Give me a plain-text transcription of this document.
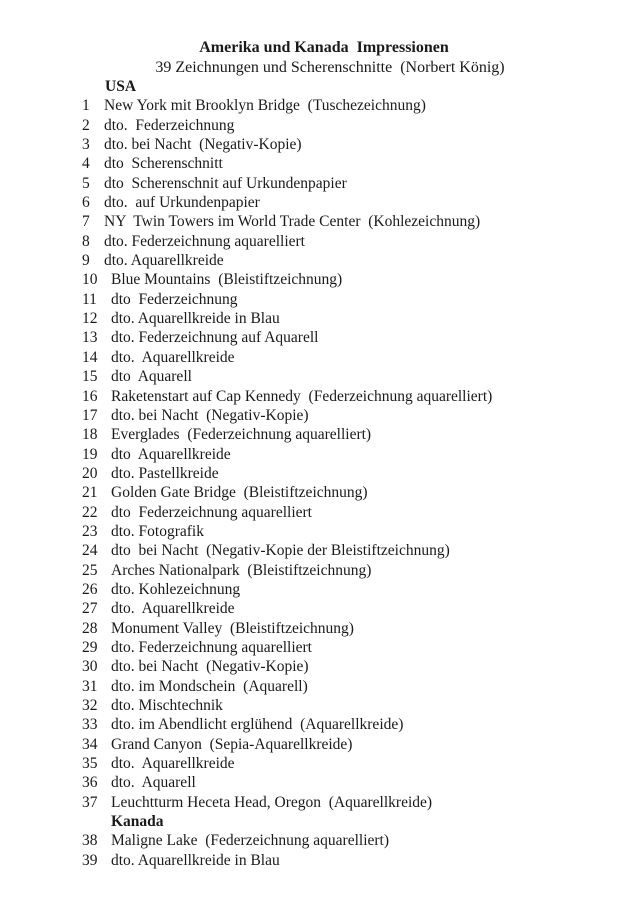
Amerika und Kanada  Impressionen
39 Zeichnungen und Scherenschnitte  (Norbert König)
USA
1 New York mit Brooklyn Bridge  (Tuschezeichnung)
2 dto.  Federzeichnung
3 dto. bei Nacht  (Negativ-Kopie)
4 dto  Scherenschnitt
5 dto  Scherenschnit auf Urkundenpapier
6 dto.  auf Urkundenpapier
7 NY  Twin Towers im World Trade Center  (Kohlezeichnung)
8 dto. Federzeichnung aquarelliert
9 dto. Aquarellkreide
10 Blue Mountains  (Bleistiftzeichnung)
11 dto  Federzeichnung
12 dto. Aquarellkreide in Blau
13 dto. Federzeichnung auf Aquarell
14 dto.  Aquarellkreide
15 dto  Aquarell
16 Raketenstart auf Cap Kennedy  (Federzeichnung aquarelliert)
17 dto. bei Nacht  (Negativ-Kopie)
18 Everglades  (Federzeichnung aquarelliert)
19 dto  Aquarellkreide
20 dto. Pastellkreide
21 Golden Gate Bridge  (Bleistiftzeichnung)
22 dto  Federzeichnung aquarelliert
23 dto. Fotografik
24 dto  bei Nacht  (Negativ-Kopie der Bleistiftzeichnung)
25 Arches Nationalpark  (Bleistiftzeichnung)
26 dto. Kohlezeichnung
27 dto.  Aquarellkreide
28 Monument Valley  (Bleistiftzeichnung)
29 dto. Federzeichnung aquarelliert
30 dto. bei Nacht  (Negativ-Kopie)
31 dto. im Mondschein  (Aquarell)
32 dto. Mischtechnik
33 dto. im Abendlicht erglühend  (Aquarellkreide)
34 Grand Canyon  (Sepia-Aquarellkreide)
35 dto.  Aquarellkreide
36 dto.  Aquarell
37 Leuchtturm Heceta Head, Oregon  (Aquarellkreide)
Kanada
38 Maligne Lake  (Federzeichnung aquarelliert)
39 dto. Aquarellkreide in Blau
